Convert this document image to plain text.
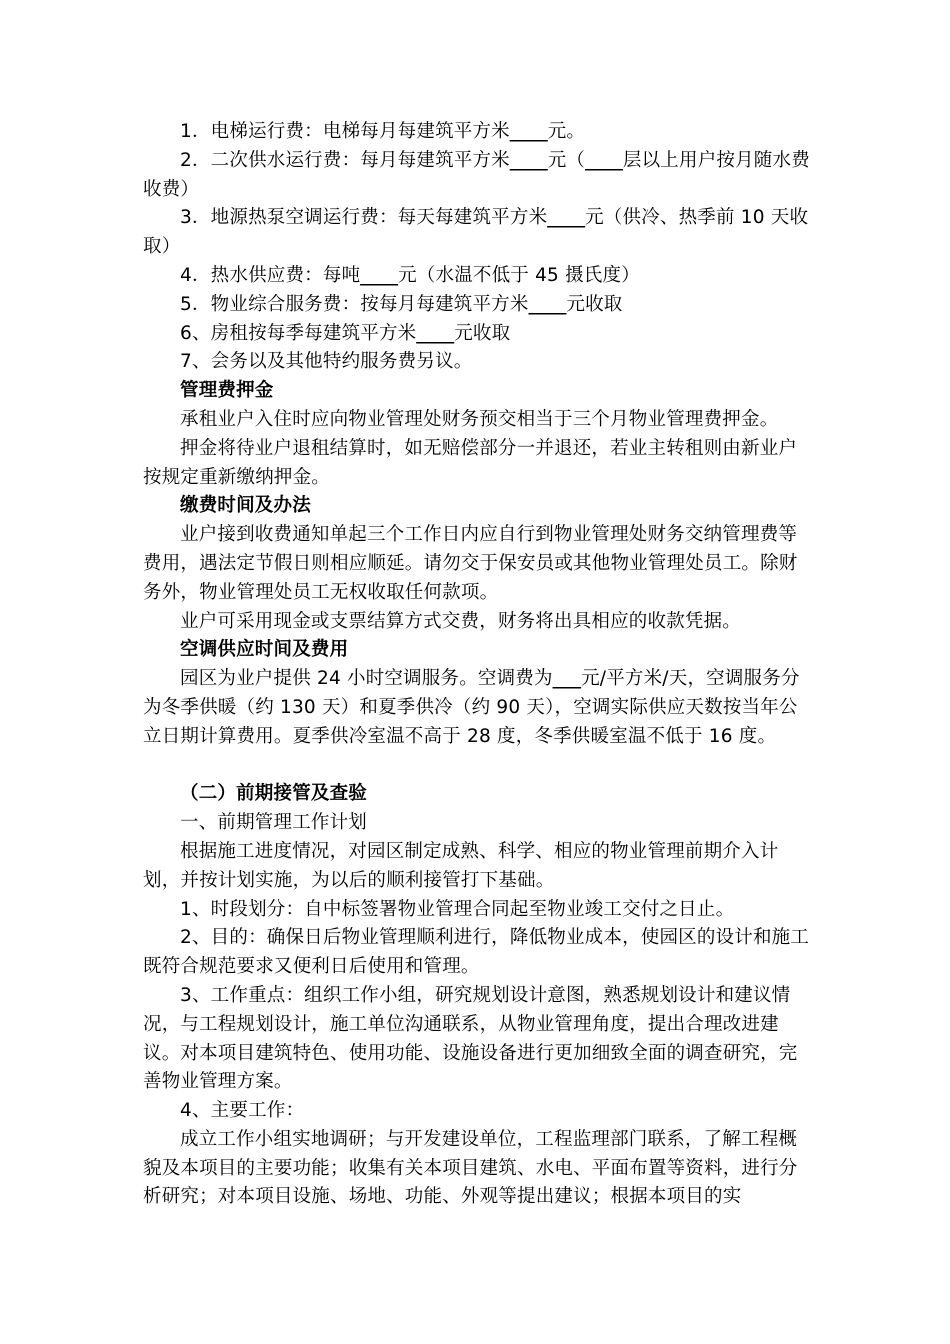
1．电梯运行费：电梯每月每建筑平方米____元。

2．二次供水运行费：每月每建筑平方米____元（____层以上用户按月随水费收费）

3．地源热泵空调运行费：每天每建筑平方米____元（供冷、热季前 10 天收取）

4．热水供应费：每吨____元（水温不低于 45 摄氏度）

5．物业综合服务费：按每月每建筑平方米____元收取

6、房租按每季每建筑平方米____元收取

7、会务以及其他特约服务费另议。

管理费押金

承租业户入住时应向物业管理处财务预交相当于三个月物业管理费押金。

押金将待业户退租结算时，如无赔偿部分一并退还，若业主转租则由新业户按规定重新缴纳押金。

缴费时间及办法

业户接到收费通知单起三个工作日内应自行到物业管理处财务交纳管理费等费用，遇法定节假日则相应顺延。请勿交于保安员或其他物业管理处员工。除财务外，物业管理处员工无权收取任何款项。

业户可采用现金或支票结算方式交费，财务将出具相应的收款凭据。

空调供应时间及费用

园区为业户提供 24 小时空调服务。空调费为___元/平方米/天，空调服务分为冬季供暖（约 130 天）和夏季供冷（约 90 天），空调实际供应天数按当年公立日期计算费用。夏季供冷室温不高于 28 度，冬季供暖室温不低于 16 度。

（二）前期接管及查验

一、前期管理工作计划

根据施工进度情况，对园区制定成熟、科学、相应的物业管理前期介入计划，并按计划实施，为以后的顺利接管打下基础。

1、时段划分：自中标签署物业管理合同起至物业竣工交付之日止。

2、目的：确保日后物业管理顺利进行，降低物业成本，使园区的设计和施工既符合规范要求又便利日后使用和管理。

3、工作重点：组织工作小组，研究规划设计意图，熟悉规划设计和建议情况，与工程规划设计，施工单位沟通联系，从物业管理角度，提出合理改进建议。对本项目建筑特色、使用功能、设施设备进行更加细致全面的调查研究，完善物业管理方案。

4、主要工作：

成立工作小组实地调研；与开发建设单位，工程监理部门联系，了解工程概貌及本项目的主要功能；收集有关本项目建筑、水电、平面布置等资料，进行分析研究；对本项目设施、场地、功能、外观等提出建议；根据本项目的实
